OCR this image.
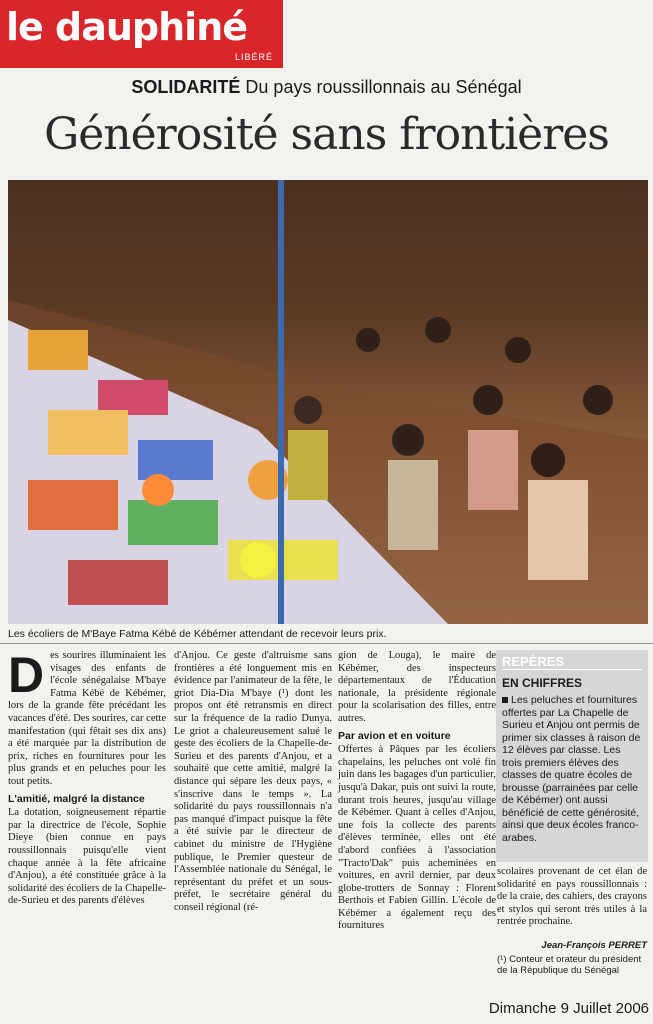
le dauphiné
LIBÉRÉ
SOLIDARITÉ Du pays roussillonnais au Sénégal
Générosité sans frontières
Les écoliers de M'Baye Fatma Kébé de Kébémer attendant de recevoir leurs prix.

Des sourires illuminaient les visages des enfants de l'école sénégalaise M'baye Fatma Kébé de Kébémer, lors de la grande fête précédant les vacances d'été. Des sourires, car cette manifestation (qui fêtait ses dix ans) a été marquée par la distribution de prix, riches en fournitures pour les plus grands et en peluches pour les tout petits.

L'amitié, malgré la distance

La dotation, soigneusement répartie par la directrice de l'école, Sophie Dieye (bien connue en pays roussillonnais puisqu'elle vient chaque année à la fête africaine d'Anjou), a été constituée grâce à la solidarité des écoliers de la Chapelle-de-Surieu et des parents d'élèves

d'Anjou. Ce geste d'altruisme sans frontières a été longuement mis en évidence par l'animateur de la fête, le griot Dia-Dia M'baye (¹) dont les propos ont été retransmis en direct sur la fréquence de la radio Dunya. Le griot a chaleureusement salué le geste des écoliers de la Chapelle-de-Surieu et des parents d'Anjou, et a souhaité que cette amitié, malgré la distance qui sépare les deux pays, « s'inscrive dans le temps ». La solidarité du pays roussillonnais n'a pas manqué d'impact puisque la fête a été suivie par le directeur de cabinet du ministre de l'Hygiène publique, le Premier questeur de l'Assemblée nationale du Sénégal, le représentant du préfet et un sous-préfet, le secrétaire général du conseil régional (ré-

gion de Louga), le maire de Kébémer, des inspecteurs départementaux de l'Éducation nationale, la présidente régionale pour la scolarisation des filles, entre autres.

Par avion et en voiture

Offertes à Pâques par les écoliers chapelains, les peluches ont volé fin juin dans les bagages d'un particulier, jusqu'à Dakar, puis ont suivi la route, durant trois heures, jusqu'au village de Kébémer. Quant à celles d'Anjou, une fois la collecte des parents d'élèves terminée, elles ont été d'abord confiées à l'association "Tracto'Dak" puis acheminées en voitures, en avril dernier, par deux globe-trotters de Sonnay : Florent Berthois et Fabien Gillin. L'école de Kébémer a également reçu des fournitures

REPÈRES
EN CHIFFRES
Les peluches et fournitures offertes par La Chapelle de Surieu et Anjou ont permis de primer six classes à raison de 12 élèves par classe. Les trois premiers élèves des classes de quatre écoles de brousse (parrainées par celle de Kébémer) ont aussi bénéficié de cette générosité, ainsi que deux écoles franco-arabes.

scolaires provenant de cet élan de solidarité en pays roussillonnais : de la craie, des cahiers, des crayons et stylos qui seront très utiles à la rentrée prochaine.

Jean-François PERRET
(¹) Conteur et orateur du président de la République du Sénégal
Dimanche 9 Juillet 2006
